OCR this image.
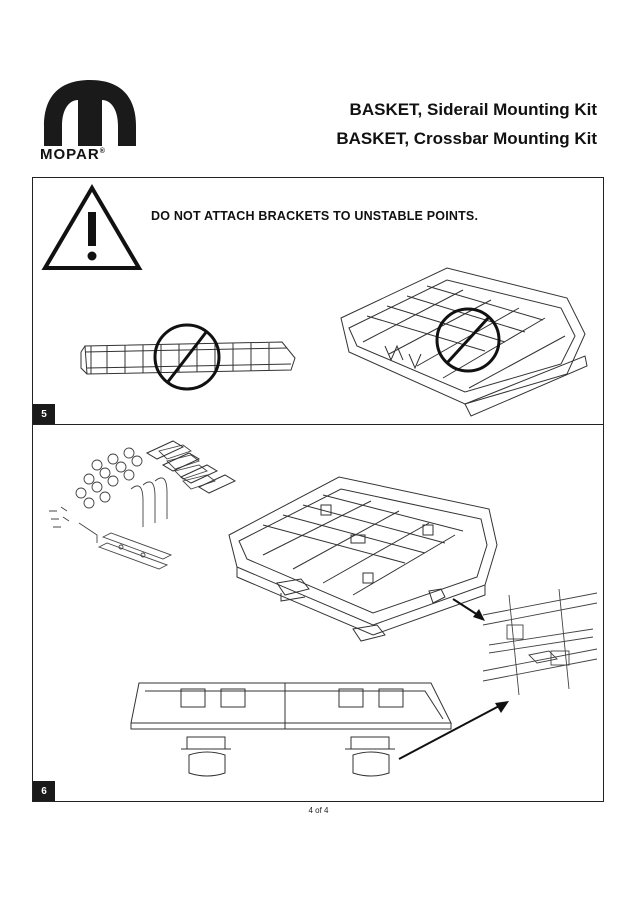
MOPAR®
BASKET, Siderail Mounting Kit
BASKET, Crossbar Mounting Kit
DO NOT ATTACH BRACKETS TO UNSTABLE POINTS.
5
6
4 of 4
